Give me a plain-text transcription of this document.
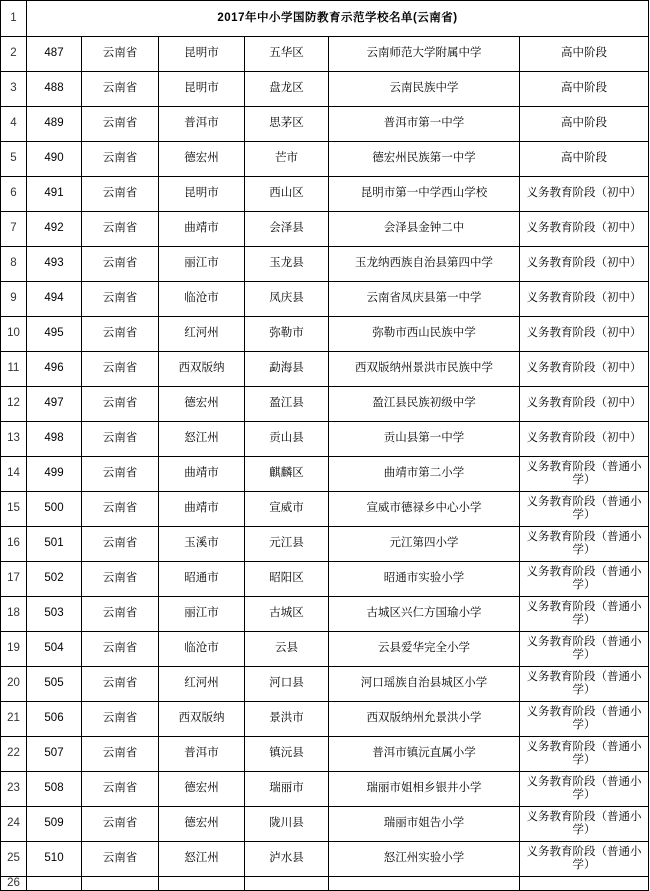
1	2017年中小学国防教育示范学校名单(云南省)					
2	487	云南省	昆明市	五华区	云南师范大学附属中学	高中阶段
3	488	云南省	昆明市	盘龙区	云南民族中学	高中阶段
4	489	云南省	普洱市	思茅区	普洱市第一中学	高中阶段
5	490	云南省	德宏州	芒市	德宏州民族第一中学	高中阶段
6	491	云南省	昆明市	西山区	昆明市第一中学西山学校	义务教育阶段（初中）
7	492	云南省	曲靖市	会泽县	会泽县金钟二中	义务教育阶段（初中）
8	493	云南省	丽江市	玉龙县	玉龙纳西族自治县第四中学	义务教育阶段（初中）
9	494	云南省	临沧市	凤庆县	云南省凤庆县第一中学	义务教育阶段（初中）
10	495	云南省	红河州	弥勒市	弥勒市西山民族中学	义务教育阶段（初中）
11	496	云南省	西双版纳	勐海县	西双版纳州景洪市民族中学	义务教育阶段（初中）
12	497	云南省	德宏州	盈江县	盈江县民族初级中学	义务教育阶段（初中）
13	498	云南省	怒江州	贡山县	贡山县第一中学	义务教育阶段（初中）
14	499	云南省	曲靖市	麒麟区	曲靖市第二小学	义务教育阶段（普通小学）
15	500	云南省	曲靖市	宣威市	宣威市德禄乡中心小学	义务教育阶段（普通小学）
16	501	云南省	玉溪市	元江县	元江第四小学	义务教育阶段（普通小学）
17	502	云南省	昭通市	昭阳区	昭通市实验小学	义务教育阶段（普通小学）
18	503	云南省	丽江市	古城区	古城区兴仁方国瑜小学	义务教育阶段（普通小学）
19	504	云南省	临沧市	云县	云县爱华完全小学	义务教育阶段（普通小学）
20	505	云南省	红河州	河口县	河口瑶族自治县城区小学	义务教育阶段（普通小学）
21	506	云南省	西双版纳	景洪市	西双版纳州允景洪小学	义务教育阶段（普通小学）
22	507	云南省	普洱市	镇沅县	普洱市镇沅直属小学	义务教育阶段（普通小学）
23	508	云南省	德宏州	瑞丽市	瑞丽市姐相乡银井小学	义务教育阶段（普通小学）
24	509	云南省	德宏州	陇川县	瑞丽市姐告小学	义务教育阶段（普通小学）
25	510	云南省	怒江州	泸水县	怒江州实验小学	义务教育阶段（普通小学）
26						
